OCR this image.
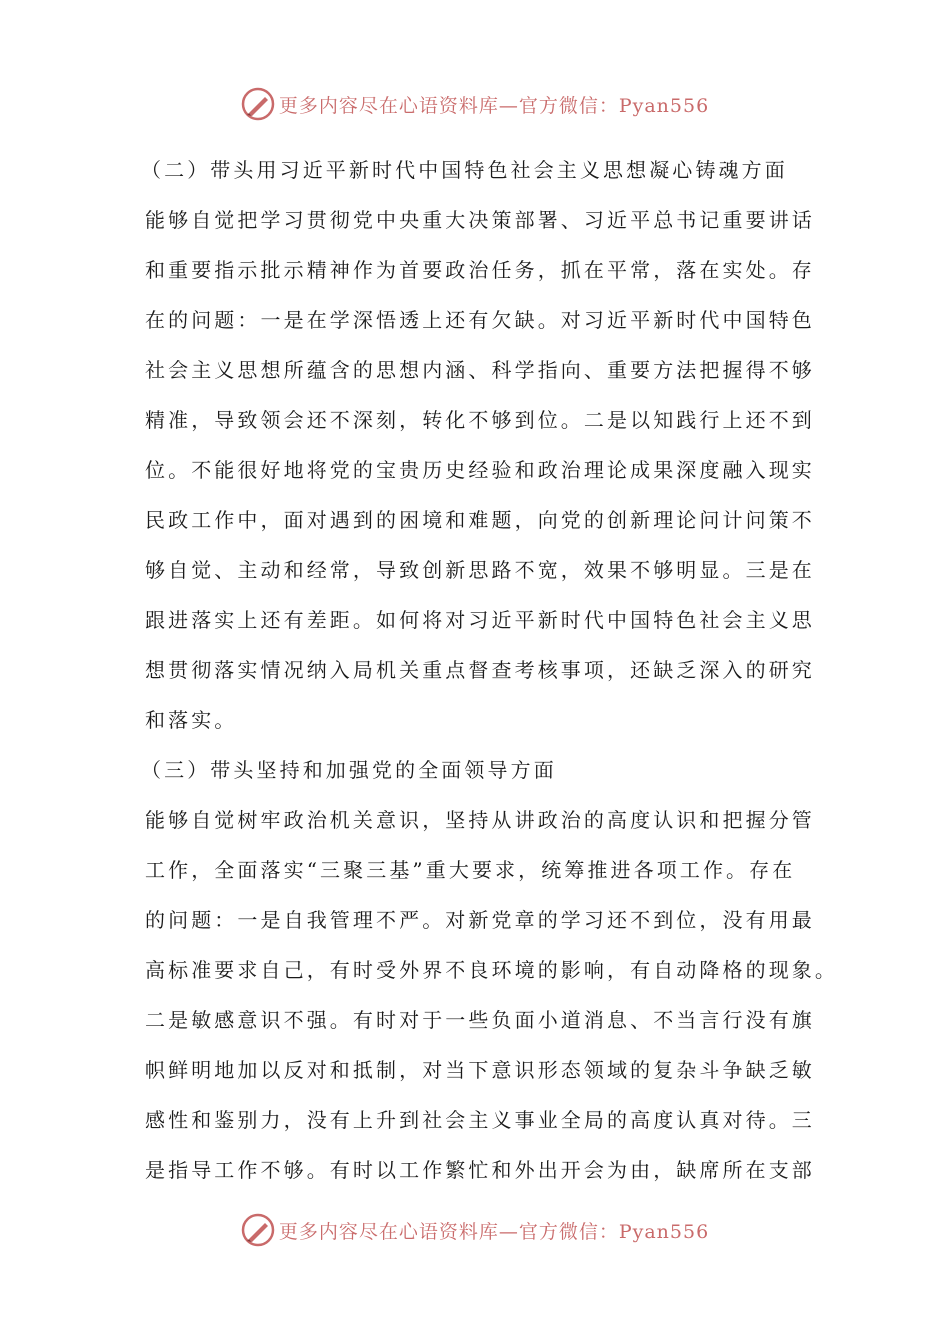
更多内容尽在心语资料库—官方微信：Pyan556
（二）带头用习近平新时代中国特色社会主义思想凝心铸魂方面
能够自觉把学习贯彻党中央重大决策部署、习近平总书记重要讲话
和重要指示批示精神作为首要政治任务，抓在平常，落在实处。存
在的问题：一是在学深悟透上还有欠缺。对习近平新时代中国特色
社会主义思想所蕴含的思想内涵、科学指向、重要方法把握得不够
精准，导致领会还不深刻，转化不够到位。二是以知践行上还不到
位。不能很好地将党的宝贵历史经验和政治理论成果深度融入现实
民政工作中，面对遇到的困境和难题，向党的创新理论问计问策不
够自觉、主动和经常，导致创新思路不宽，效果不够明显。三是在
跟进落实上还有差距。如何将对习近平新时代中国特色社会主义思
想贯彻落实情况纳入局机关重点督查考核事项，还缺乏深入的研究
和落实。
（三）带头坚持和加强党的全面领导方面
能够自觉树牢政治机关意识，坚持从讲政治的高度认识和把握分管
工作，全面落实“三聚三基”重大要求，统筹推进各项工作。存在
的问题：一是自我管理不严。对新党章的学习还不到位，没有用最
高标准要求自己，有时受外界不良环境的影响，有自动降格的现象。
二是敏感意识不强。有时对于一些负面小道消息、不当言行没有旗
帜鲜明地加以反对和抵制，对当下意识形态领域的复杂斗争缺乏敏
感性和鉴别力，没有上升到社会主义事业全局的高度认真对待。三
是指导工作不够。有时以工作繁忙和外出开会为由，缺席所在支部
更多内容尽在心语资料库—官方微信：Pyan556
